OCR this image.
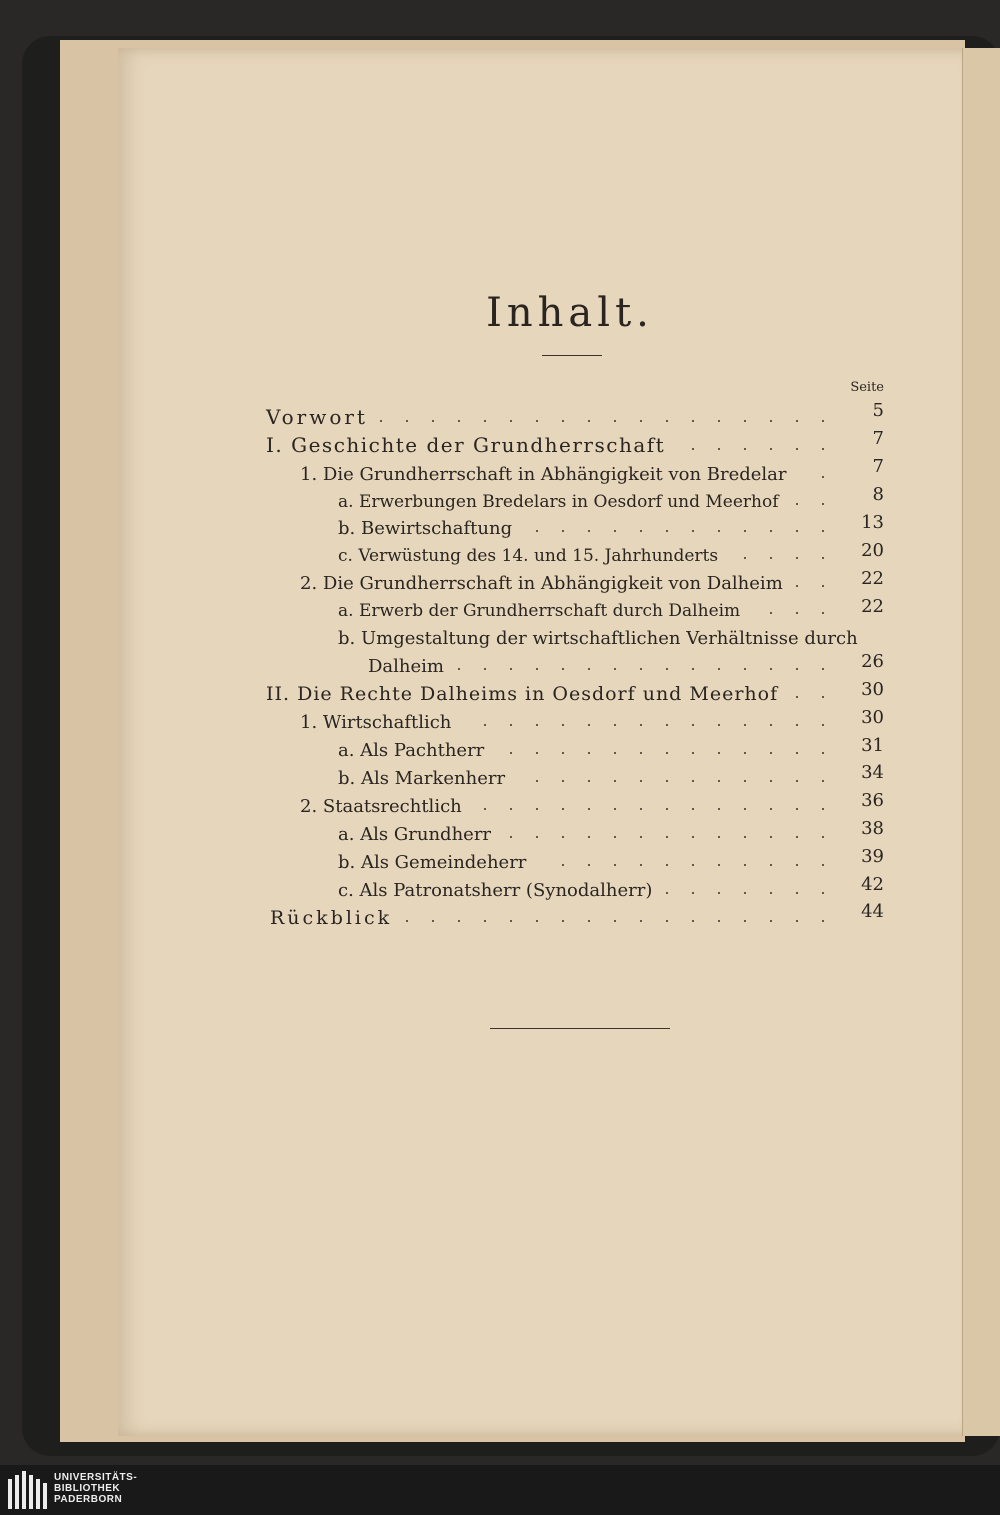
Inhalt.
Seite
Vorwort
I. Geschichte der Grundherrschaft
1. Die Grundherrschaft in Abhängigkeit von Bredelar
a. Erwerbungen Bredelars in Oesdorf und Meerhof
b. Bewirtschaftung
c. Verwüstung des 14. und 15. Jahrhunderts
2. Die Grundherrschaft in Abhängigkeit von Dalheim
a. Erwerb der Grundherrschaft durch Dalheim
b. Umgestaltung der wirtschaftlichen Verhältnisse durch
Dalheim
II. Die Rechte Dalheims in Oesdorf und Meerhof
1. Wirtschaftlich
a. Als Pachtherr
b. Als Markenherr
2. Staatsrechtlich
a. Als Grundherr
b. Als Gemeindeherr
c. Als Patronatsherr (Synodalherr)
Rückblick
5
7
7
8
13
20
22
22
26
30
30
31
34
36
38
39
42
44
UNIVERSITÄTS-
BIBLIOTHEK
PADERBORN
